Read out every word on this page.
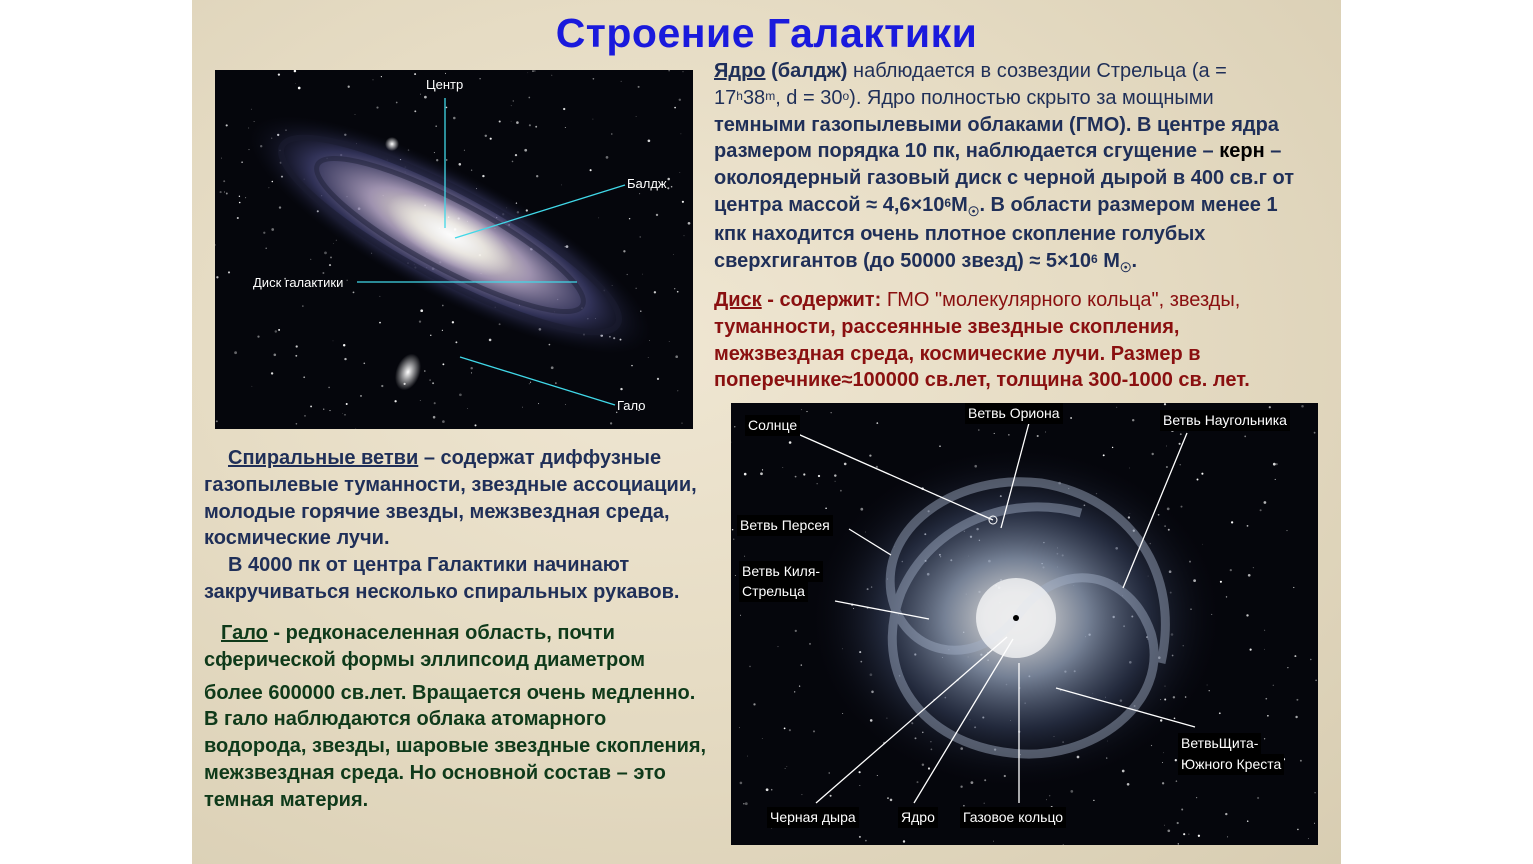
Строение Галактики
Центр
Балдж
Диск галактики
Гало
Ядро (балдж) наблюдается в созвездии Стрельца (а =
$17^h38^m$, $d = 30^o$). Ядро полностью скрыто за мощными
темными газопылевыми облаками (ГМО). В центре ядра
размером порядка 10 пк, наблюдается сгущение – керн –
околоядерный газовый диск с черной дырой в 400 св.г от
центра массой ≈ $4,6\times 10^6M_☉$. В области размером менее 1
кпк находится очень плотное скопление голубых
сверхгигантов (до 50000 звезд) ≈ $5\times 10^6$ $M_☉$.
Диск - содержит: ГМО "молекулярного кольца", звезды,
туманности, рассеянные звездные скопления,
межзвездная среда, космические лучи. Размер в
поперечнике≈100000 св.лет, толщина 300-1000 св. лет.
Спиральные ветви – содержат диффузные
газопылевые туманности, звездные ассоциации,
молодые горячие звезды, межзвездная среда,
космические лучи.
В 4000 пк от центра Галактики начинают
закручиваться несколько спиральных рукавов.
Гало - редконаселенная область, почти
сферической формы эллипсоид диаметром
более 600000 св.лет. Вращается очень медленно.
В гало наблюдаются облака атомарного
водорода, звезды, шаровые звездные скопления,
межзвездная среда. Но основной состав – это
темная материя.
Солнце
Ветвь Ориона	Ветвь Наугольника
Ветвь Персея
Ветвь Киля-
Стрельца
ВетвьЩита-
Южного Креста
Черная дыра	Ядро Газовое кольцо
